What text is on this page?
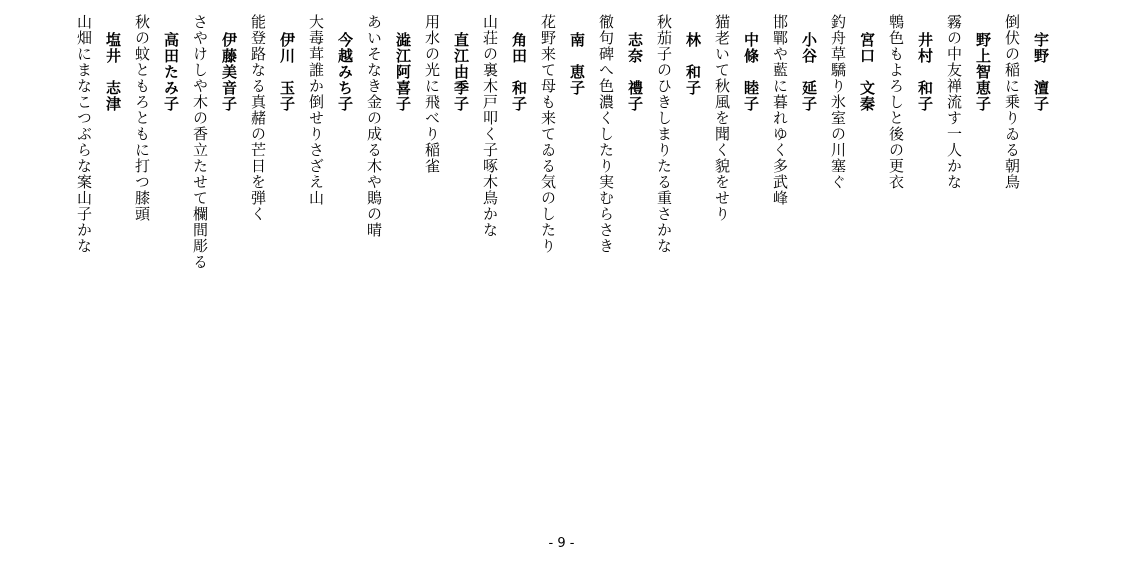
宇野　澶子
倒伏の稲に乗りゐる朝鳥
野上智恵子
霧の中友禅流す一人かな
井村　和子
鵯色もよろしと後の更衣
宮口　文秦
釣舟草驕り氷室の川塞ぐ
小谷　延子
邯鄲や藍に暮れゆく多武峰
中條　睦子
猫老いて秋風を聞く貌をせり
林　和子
秋茄子のひきしまりたる重さかな
志奈　禮子
徹句碑へ色濃くしたり実むらさき
南　恵子
花野来て母も来てゐる気のしたり
角田　和子
山荘の裏木戸叩く子啄木鳥かな
直江由季子
用水の光に飛べり稲雀
澁江阿喜子
あいそなき金の成る木や鵙の晴
今越みち子
大毒茸誰か倒せりさざえ山
伊川　玉子
能登路なる真赭の芒日を弾く
伊藤美音子
さやけしや木の香立たせて欄間彫る
高田たみ子
秋の蚊ともろともに打つ膝頭
塩井　志津
山畑にまなこつぶらな案山子かな
- 9 -
